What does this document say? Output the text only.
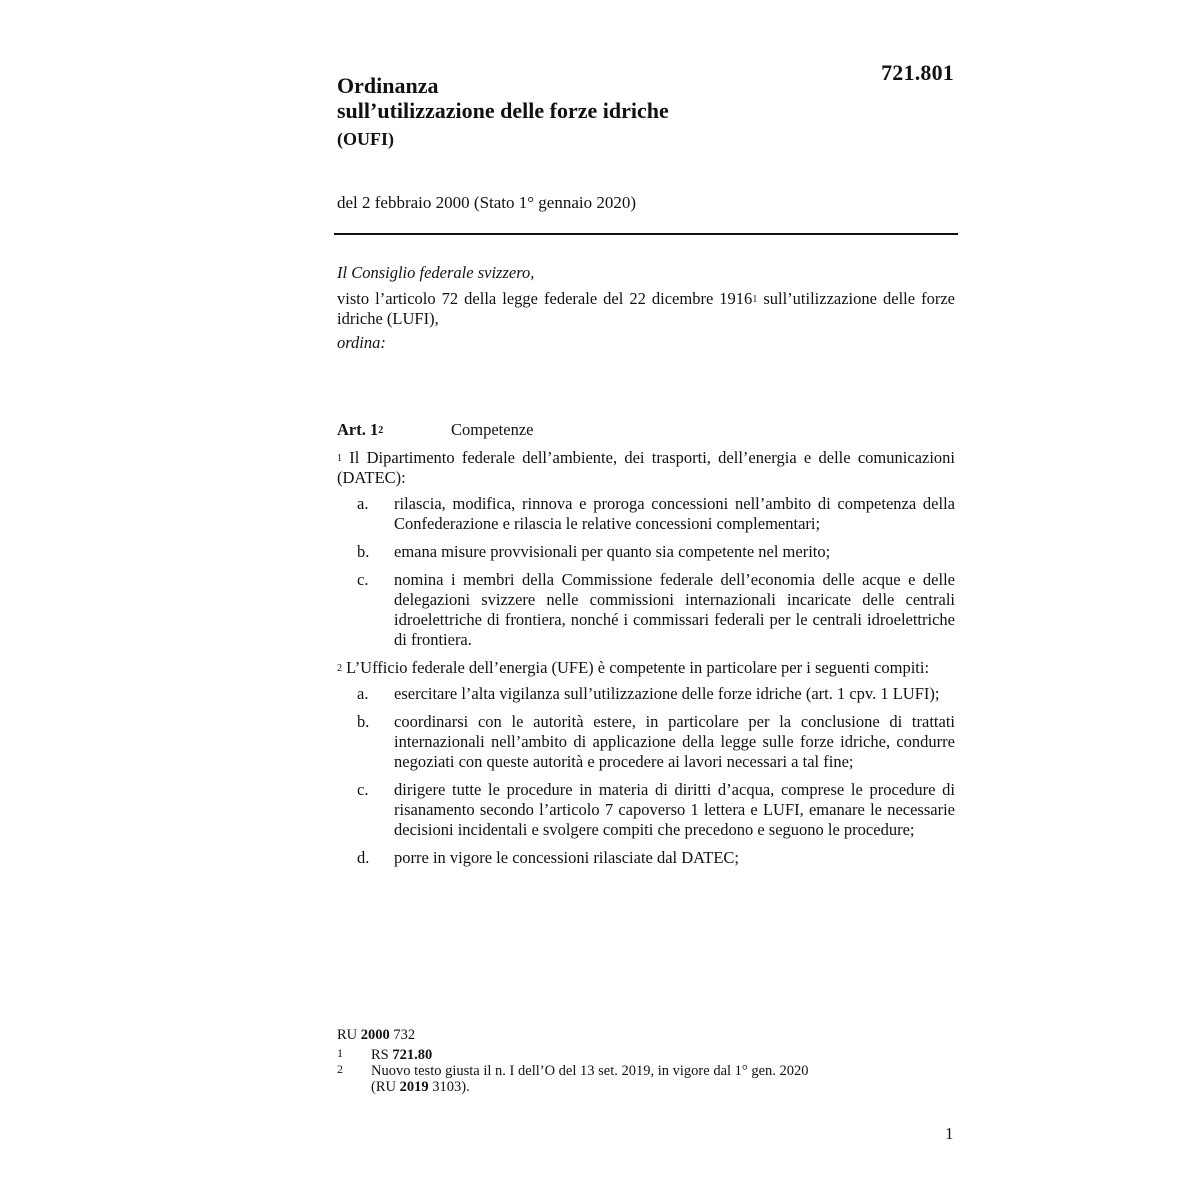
721.801
Ordinanza
sull’utilizzazione delle forze idriche
(OUFI)
del 2 febbraio 2000 (Stato 1° gennaio 2020)

Il Consiglio federale svizzero,

visto l’articolo 72 della legge federale del 22 dicembre 1916$^1$ sull’utilizzazione delle forze idriche (LUFI),

ordina:

Art. $1^2$	Competenze

$^1$ Il Dipartimento federale dell’ambiente, dei trasporti, dell’energia e delle comunicazioni (DATEC):

a. rilascia, modifica, rinnova e proroga concessioni nell’ambito di competenza della Confederazione e rilascia le relative concessioni complementari;
b. emana misure provvisionali per quanto sia competente nel merito;
c. nomina i membri della Commissione federale dell’economia delle acque e delle delegazioni svizzere nelle commissioni internazionali incaricate delle centrali idroelettriche di frontiera, nonché i commissari federali per le centrali idroelettriche di frontiera.

$^2$ L’Ufficio federale dell’energia (UFE) è competente in particolare per i seguenti compiti:

a. esercitare l’alta vigilanza sull’utilizzazione delle forze idriche (art. 1 cpv. 1 LUFI);
b. coordinarsi con le autorità estere, in particolare per la conclusione di trattati internazionali nell’ambito di applicazione della legge sulle forze idriche, condurre negoziati con queste autorità e procedere ai lavori necessari a tal fine;
c. dirigere tutte le procedure in materia di diritti d’acqua, comprese le procedure di risanamento secondo l’articolo 7 capoverso 1 lettera e LUFI, emanare le necessarie decisioni incidentali e svolgere compiti che precedono e seguono le procedure;
d. porre in vigore le concessioni rilasciate dal DATEC;
RU 2000 732
1 RS 721.80
2 Nuovo testo giusta il n. I dell’O del 13 set. 2019, in vigore dal 1° gen. 2020
(RU 2019 3103).
1
